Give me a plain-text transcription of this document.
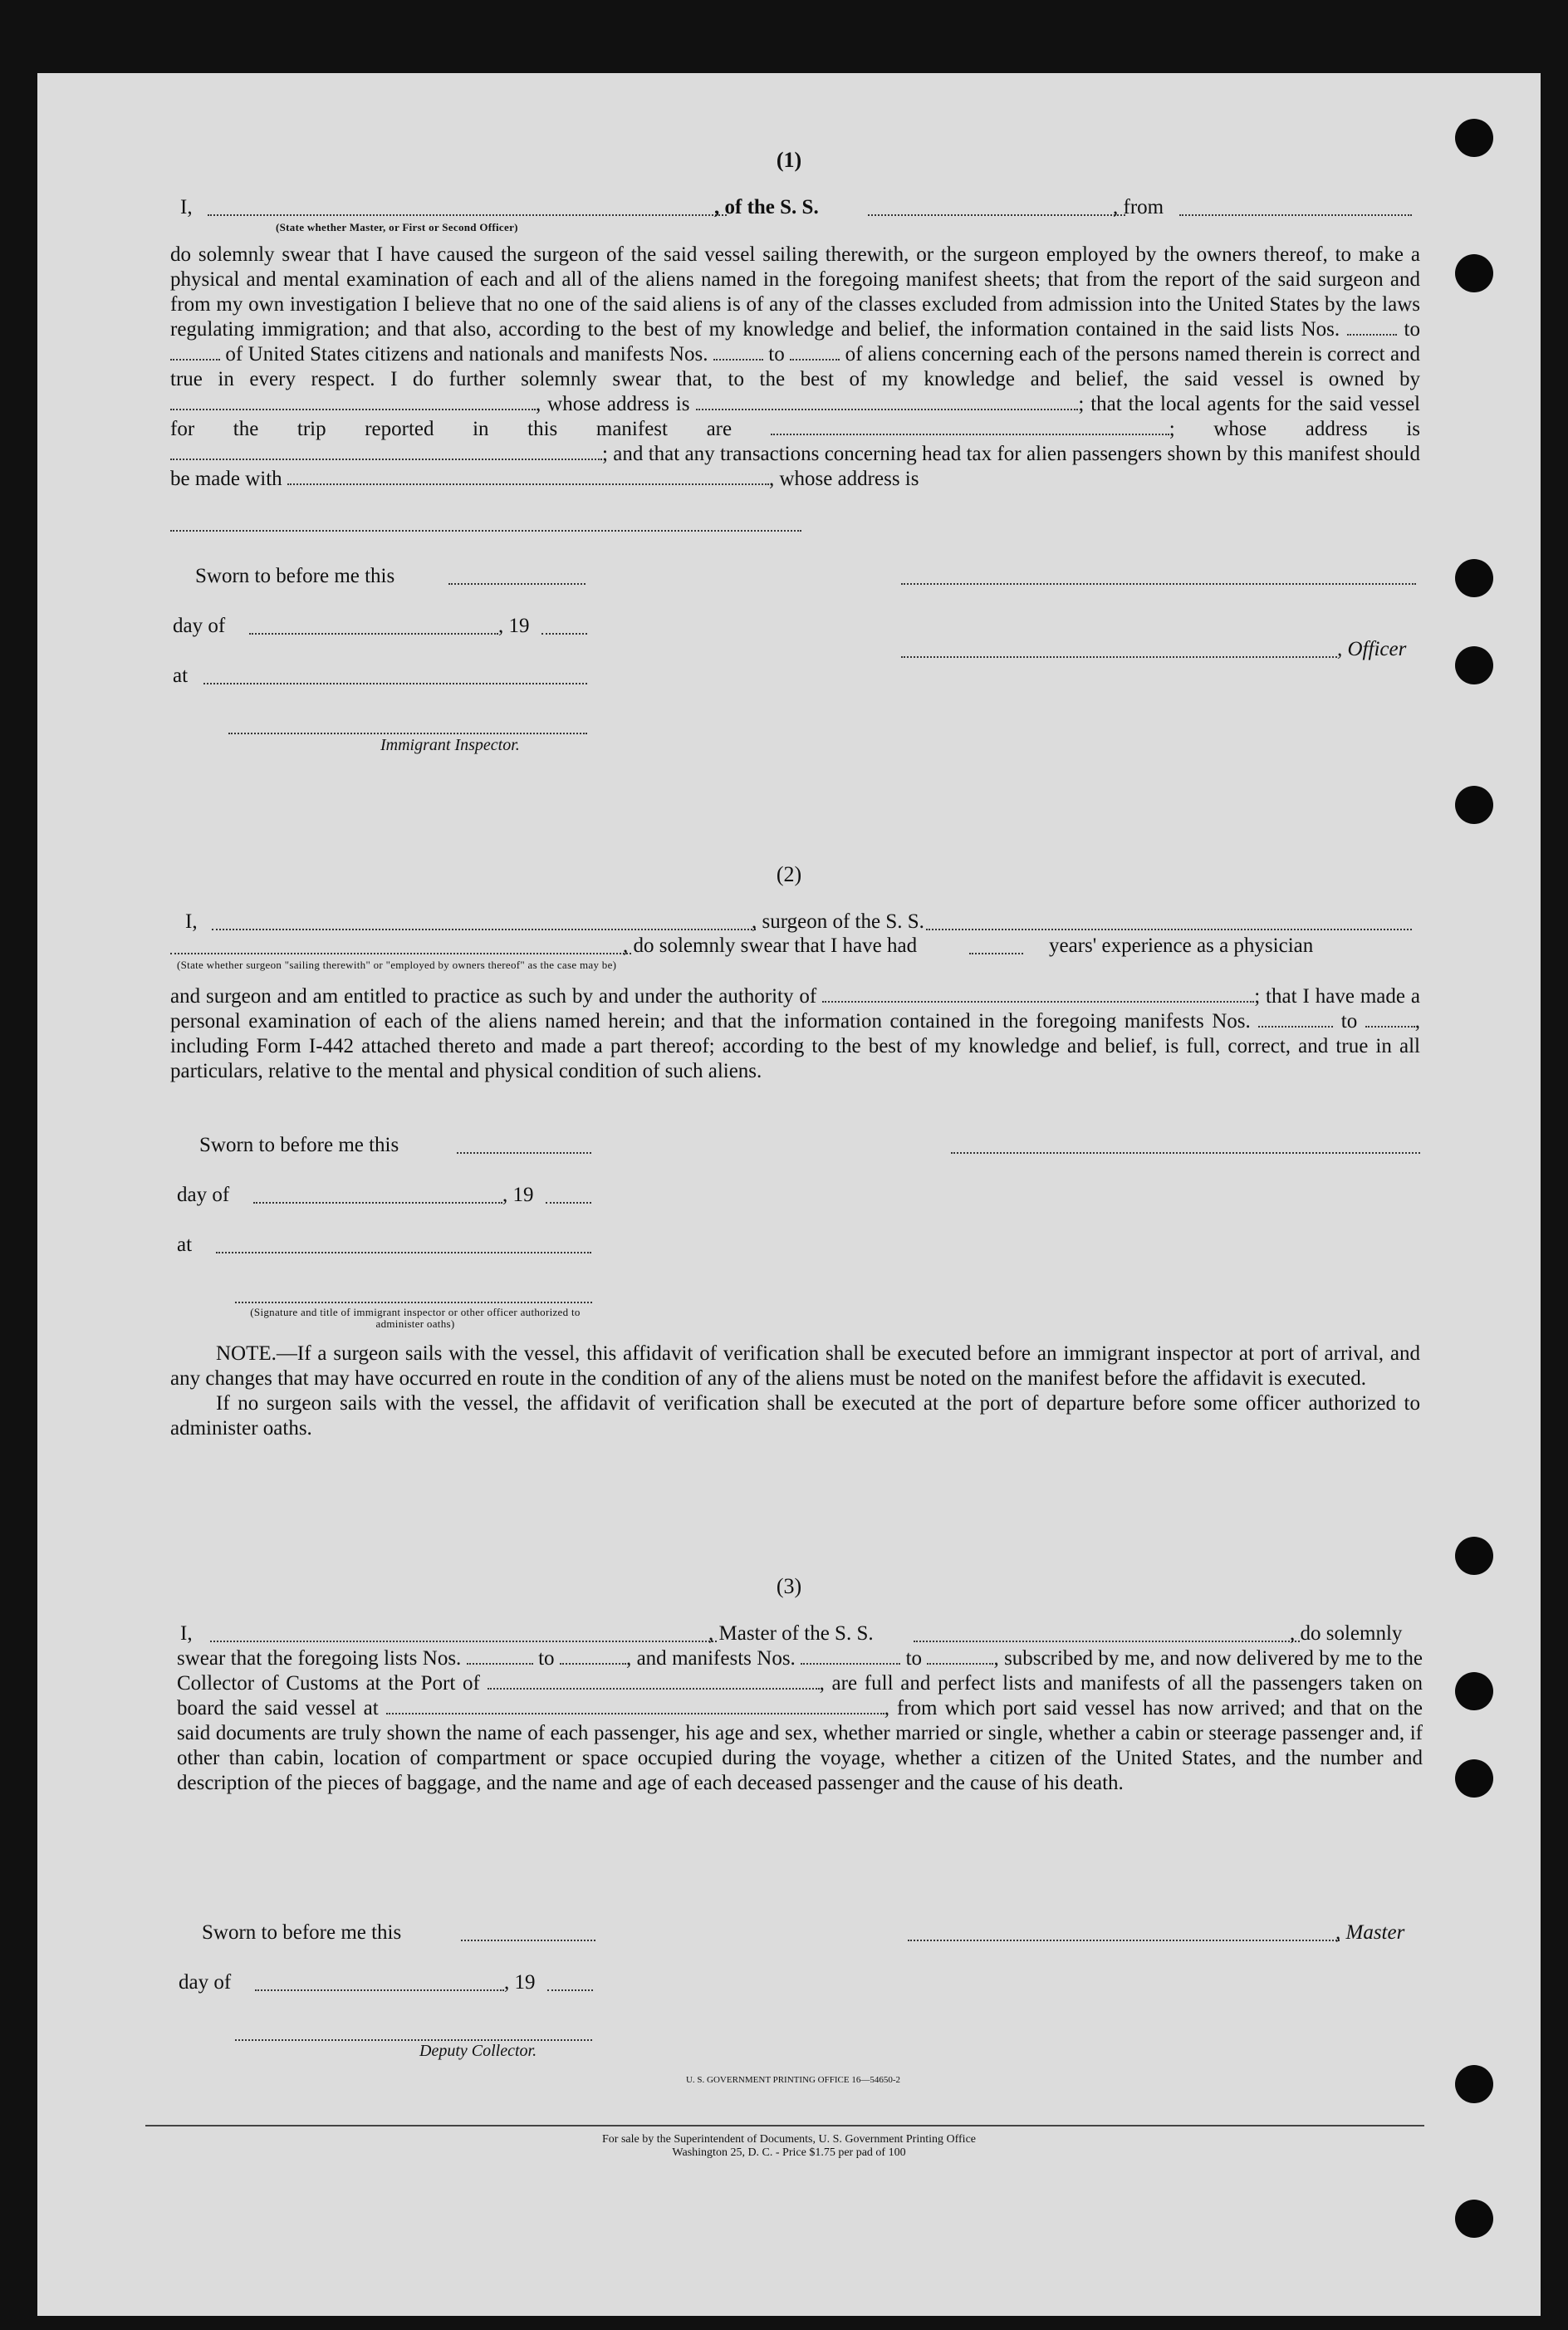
(1)
I,	, of the S. S.	, from
(State whether Master, or First or Second Officer)

do solemnly swear that I have caused the surgeon of the said vessel sailing therewith, or the surgeon employed by the owners thereof, to make a physical and mental examination of each and all of the aliens named in the foregoing manifest sheets; that from the report of the said surgeon and from my own investigation I believe that no one of the said aliens is of any of the classes excluded from admission into the United States by the laws regulating immigration; and that also, according to the best of my knowledge and belief, the information contained in the said lists Nos.	to  of United States citizens and nationals and manifests Nos.	to	of aliens concerning each of the persons named therein is correct and true in every respect. I do further solemnly swear that, to the best of my knowledge and belief, the said vessel is owned by , whose address is	; that the local agents for the said vessel for the trip reported in this manifest are	; whose address is ; and that any transactions concerning head tax for alien passengers shown by this manifest should be made with	, whose address is

Sworn to before me this
day of	, 19
, Officer
at
Immigrant Inspector.
(2)
I,	, surgeon of the S. S.
, do solemnly swear that I have had	years' experience as a physician
(State whether surgeon "sailing therewith" or "employed by owners thereof" as the case may be)

and surgeon and am entitled to practice as such by and under the authority of	; that I have made a personal examination of each of the aliens named herein; and that the information contained in the foregoing manifests Nos.	to	, including Form I-442 attached thereto and made a part thereof; according to the best of my knowledge and belief, is full, correct, and true in all particulars, relative to the mental and physical condition of such aliens.

Sworn to before me this
day of	, 19
at
(Signature and title of immigrant inspector or other officer authorized to administer oaths)

NOTE.—If a surgeon sails with the vessel, this affidavit of verification shall be executed before an immigrant inspector at port of arrival, and any changes that may have occurred en route in the condition of any of the aliens must be noted on the manifest before the affidavit is executed.

If no surgeon sails with the vessel, the affidavit of verification shall be executed at the port of departure before some officer authorized to administer oaths.

(3)
I,	, Master of the S. S.	, do solemnly

swear that the foregoing lists Nos.	to	, and manifests Nos.	to	, subscribed by me, and now delivered by me to the Collector of Customs at the Port of	, are full and perfect lists and manifests of all the passengers taken on board the said vessel at	, from which port said vessel has now arrived; and that on the said documents are truly shown the name of each passenger, his age and sex, whether married or single, whether a cabin or steerage passenger and, if other than cabin, location of compartment or space occupied during the voyage, whether a citizen of the United States, and the number and description of the pieces of baggage, and the name and age of each deceased passenger and the cause of his death.

Sworn to before me this	, Master
day of	, 19
Deputy Collector.
U. S. GOVERNMENT PRINTING OFFICE 16—54650-2
For sale by the Superintendent of Documents, U. S. Government Printing Office
Washington 25, D. C. - Price $1.75 per pad of 100
